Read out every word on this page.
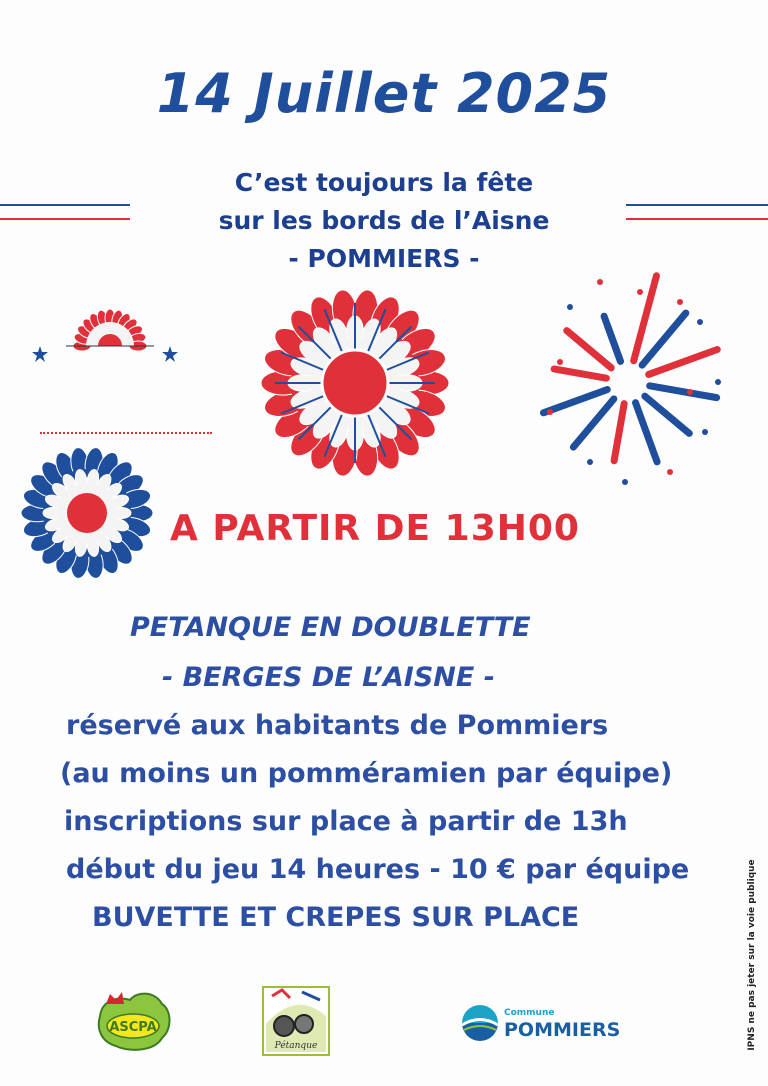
14 Juillet 2025
C’est toujours la fête
sur les bords de l’Aisne
- POMMIERS -
A PARTIR DE 13H00
PETANQUE EN DOUBLETTE
- BERGES DE L’AISNE -
réservé aux habitants de Pommiers
(au moins un pomméramien par équipe)
inscriptions sur place à partir de 13h
début du jeu 14 heures - 10 € par équipe
BUVETTE ET CREPES SUR PLACE	IPNS ne pas jeter sur la voie publique
ASCPA
Pétanque
Commune
POMMIERS
